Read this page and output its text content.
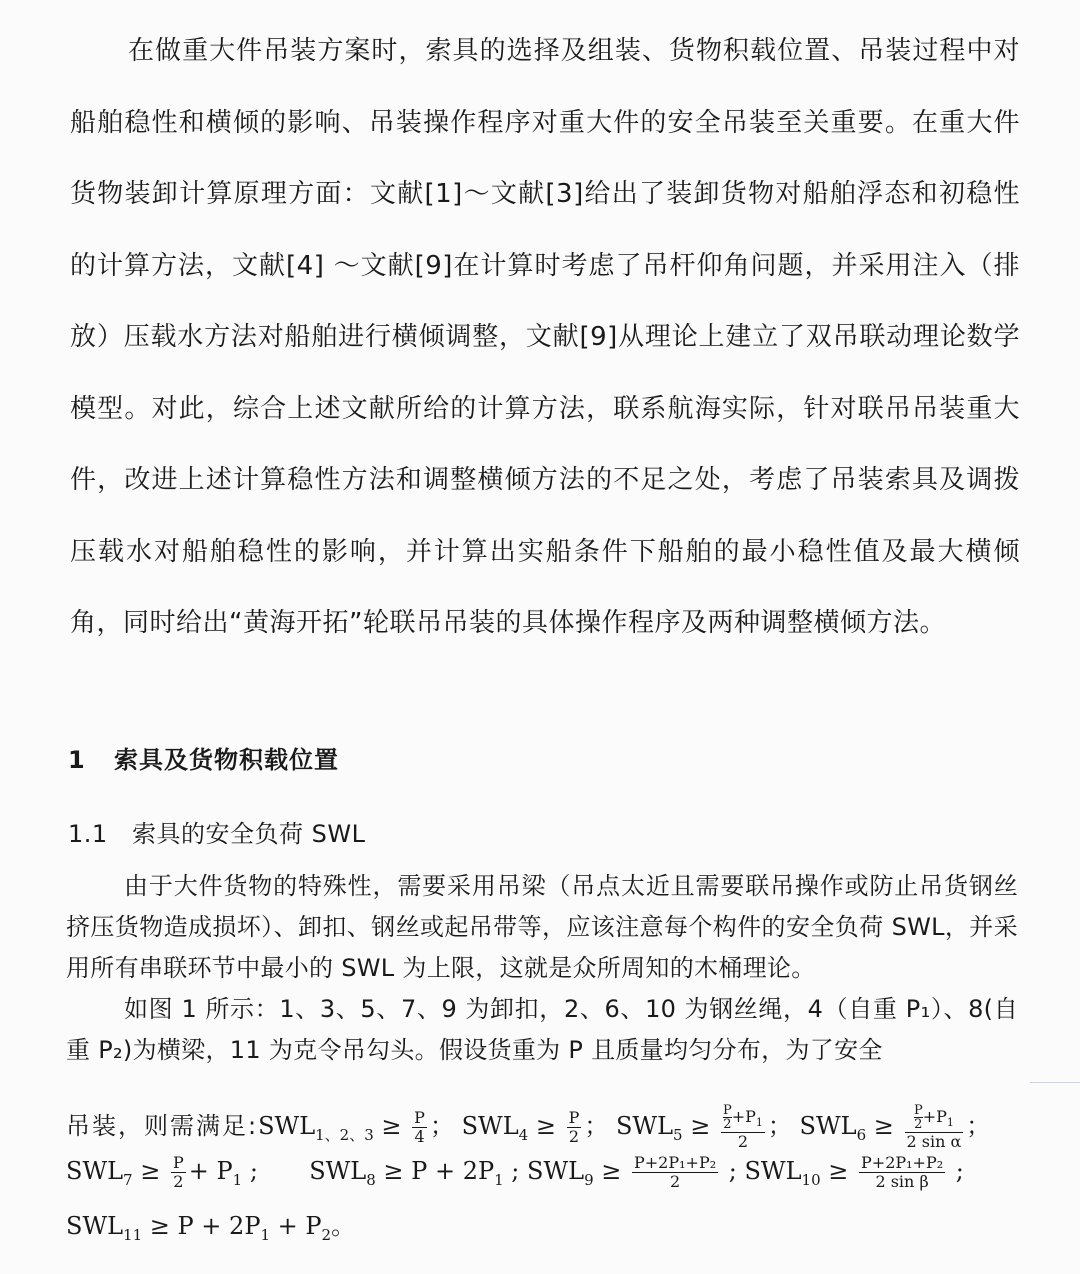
在做重大件吊装方案时，索具的选择及组装、货物积载位置、吊装过程中对船舶稳性和横倾的影响、吊装操作程序对重大件的安全吊装至关重要。在重大件货物装卸计算原理方面：文献[1]～文献[3]给出了装卸货物对船舶浮态和初稳性的计算方法，文献[4] ～文献[9]在计算时考虑了吊杆仰角问题，并采用注入（排放）压载水方法对船舶进行横倾调整，文献[9]从理论上建立了双吊联动理论数学模型。对此，综合上述文献所给的计算方法，联系航海实际，针对联吊吊装重大件，改进上述计算稳性方法和调整横倾方法的不足之处，考虑了吊装索具及调拨压载水对船舶稳性的影响，并计算出实船条件下船舶的最小稳性值及最大横倾角，同时给出“黄海开拓”轮联吊吊装的具体操作程序及两种调整横倾方法。

1 索具及货物积载位置
1.1 索具的安全负荷 SWL

由于大件货物的特殊性，需要采用吊梁（吊点太近且需要联吊操作或防止吊货钢丝挤压货物造成损坏）、卸扣、钢丝或起吊带等，应该注意每个构件的安全负荷 SWL，并采用所有串联环节中最小的 SWL 为上限，这就是众所周知的木桶理论。

如图 1 所示：1、3、5、7、9 为卸扣，2、6、10 为钢丝绳，4（自重 P₁）、8(自重 P₂)为横梁，11 为克令吊勾头。假设货重为 P 且质量均匀分布，为了安全

吊装，则需满足$:SWL_{1、2、3} \ge \frac{P}{4}$ ； $SWL_4 \ge \frac{P}{2}$ ； $SWL_5 \ge \frac{\frac{P}{2} +P_1}{2}$ ； $SWL_6 \ge \frac{\frac{P}{2} +P_1}{\text{2 sin α}}$ ；
$SWL_7 \ge \frac{P}{2} + P_1$ ; $SWL_8 \ge P + 2P_1$ ; $SWL_9 \ge \frac{\text{P+2P₁+P₂}}{2}$ ; $SWL_{10} \ge \frac{\text{P+2P₁+P₂}}{\text{2 sin β}}$ ;
$SWL_{11} \ge P + 2P_1 + P_2$。
